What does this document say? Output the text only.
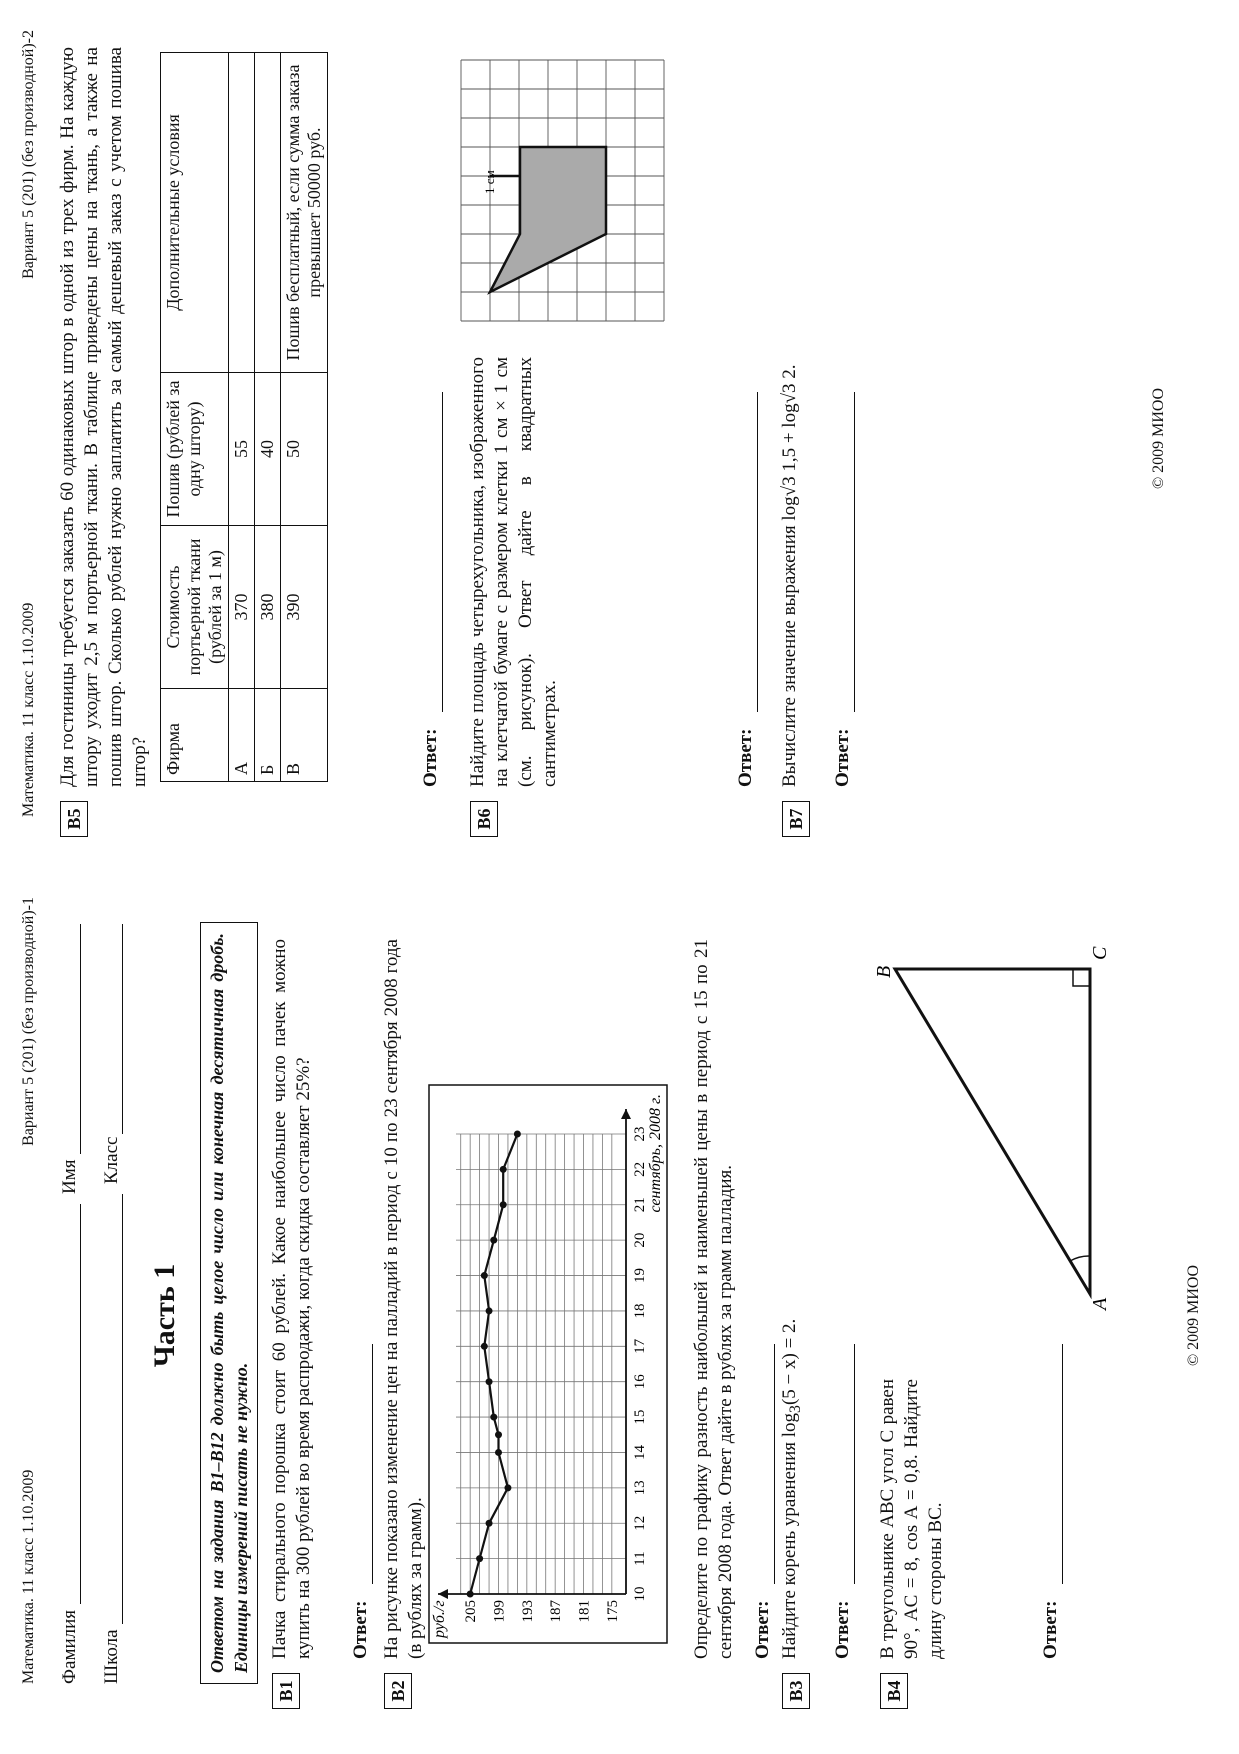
Математика. 11 класс 1.10.2009
Вариант 5 (201) (без производной)-1
Фамилия
Имя
Школа
Класс
Часть 1	Ответом на задания В1–В12 должно быть целое число или конечная десятичная дробь. Единицы измерений писать не нужно.
B1
Пачка стирального порошка стоит 60 рублей. Какое наибольшее число пачек можно купить на 300 рублей во время распродажи, когда скидка составляет 25%? Ответ:
B2
На рисунке показано изменение цен на палладий в период с 10 по 23 сентября 2008 года (в рублях за грамм).	10
11
12
13
14
15
16
17
18
19
20
21
22
23
175
181
187
193
199
205
руб./г
сентябрь, 2008 г. Определите по графику разность наибольшей и наименьшей цены в период с 15 по 21 сентября 2008 года. Ответ дайте в рублях за грамм палладия. Ответ:
B3
Найдите корень уравнения $\log_3(5 - x) = 2$.
Ответ:
B4
В треугольнике ABC угол C равен 90°, AC = 8, cos A = 0,8. Найдите длину стороны BC.
A
B
C
Ответ:
© 2009 МИОО
Математика. 11 класс 1.10.2009
Вариант 5 (201) (без производной)-2
B5
Для гостиницы требуется заказать 60 одинаковых штор в одной из трех фирм. На каждую штору уходит 2,5 м портьерной ткани. В таблице приведены цены на ткань, а также на пошив штор. Сколько рублей нужно заплатить за самый дешевый заказ с учетом пошива штор? Фирма	Стоимость портьерной ткани (рублей за 1 м)	Пошив (рублей за одну штору)	Дополнительные условия
А	370	55	
Б	380	40	
В	390	50	Пошив бесплатный, если сумма заказа превышает 50000 руб.
Ответ:
B6
Найдите площадь четырехугольника, изображенного на клетчатой бумаге с размером клетки 1 см × 1 см (см. рисунок). Ответ дайте в квадратных сантиметрах.
1 см
Ответ:
B7
Вычислите значение выражения log√3 1,5 + log√3 2.
Ответ:
© 2009 МИОО
